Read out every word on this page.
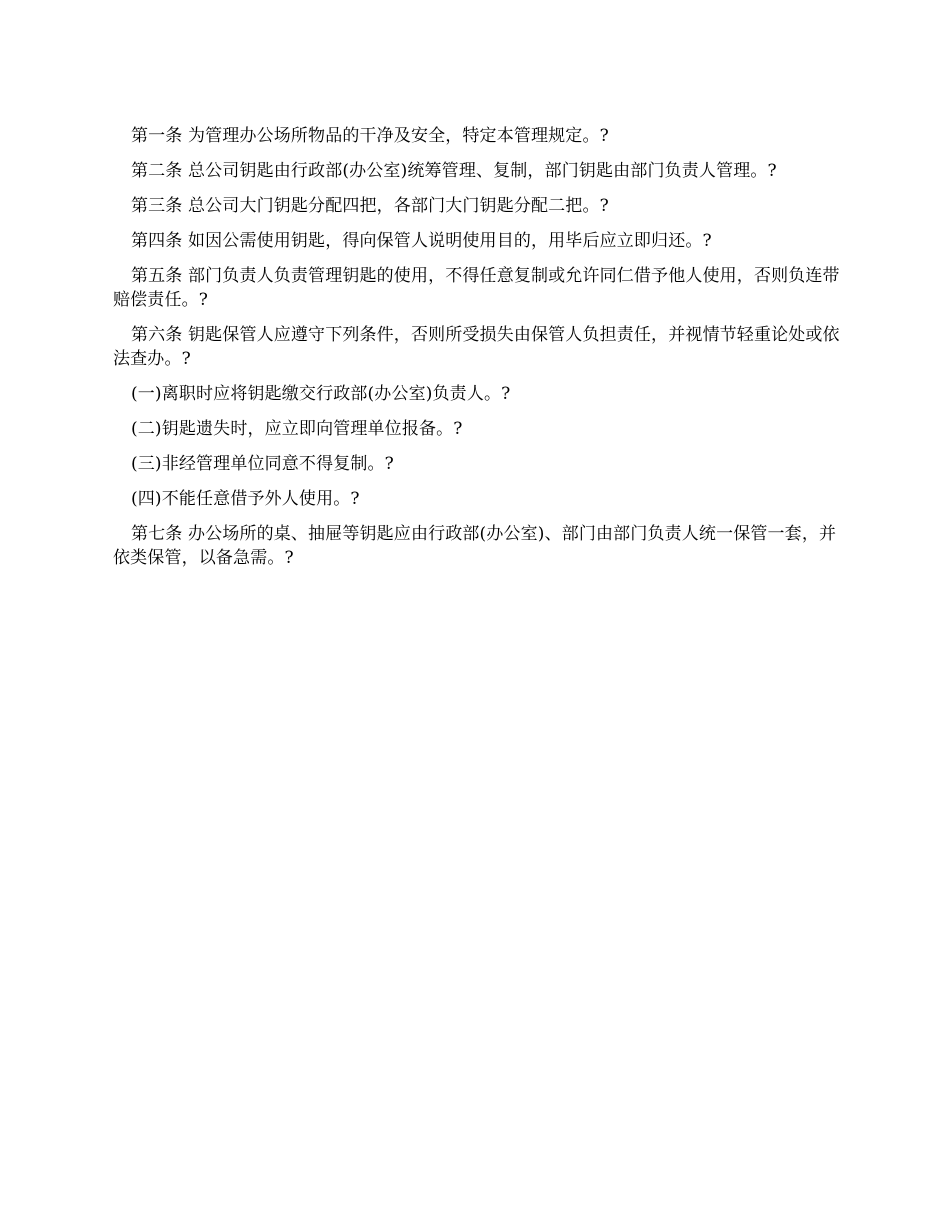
第一条 为管理办公场所物品的干净及安全，特定本管理规定。?

第二条 总公司钥匙由行政部(办公室)统筹管理、复制，部门钥匙由部门负责人管理。?

第三条 总公司大门钥匙分配四把，各部门大门钥匙分配二把。?

第四条 如因公需使用钥匙，得向保管人说明使用目的，用毕后应立即归还。?

第五条 部门负责人负责管理钥匙的使用，不得任意复制或允许同仁借予他人使用，否则负连带赔偿责任。?

第六条 钥匙保管人应遵守下列条件，否则所受损失由保管人负担责任，并视情节轻重论处或依法查办。?

(一)离职时应将钥匙缴交行政部(办公室)负责人。?

(二)钥匙遗失时，应立即向管理单位报备。?

(三)非经管理单位同意不得复制。?

(四)不能任意借予外人使用。?

第七条 办公场所的桌、抽屉等钥匙应由行政部(办公室)、部门由部门负责人统一保管一套，并依类保管，以备急需。?
